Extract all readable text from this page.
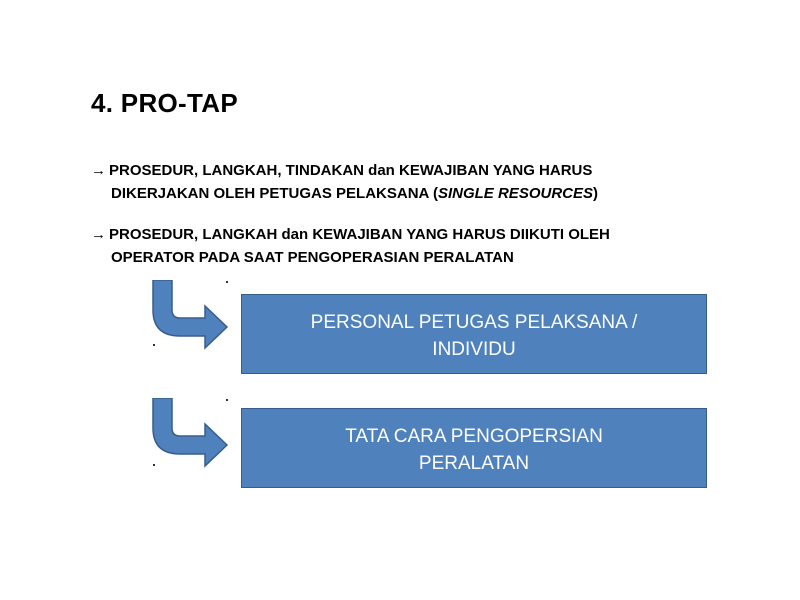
4. PRO-TAP
→ PROSEDUR, LANGKAH, TINDAKAN dan KEWAJIBAN YANG HARUS
DIKERJAKAN OLEH PETUGAS PELAKSANA (SINGLE RESOURCES)
→ PROSEDUR, LANGKAH dan KEWAJIBAN YANG HARUS DIIKUTI OLEH
OPERATOR PADA SAAT PENGOPERASIAN PERALATAN
PERSONAL PETUGAS PELAKSANA /
INDIVIDU
TATA CARA PENGOPERSIAN
PERALATAN
